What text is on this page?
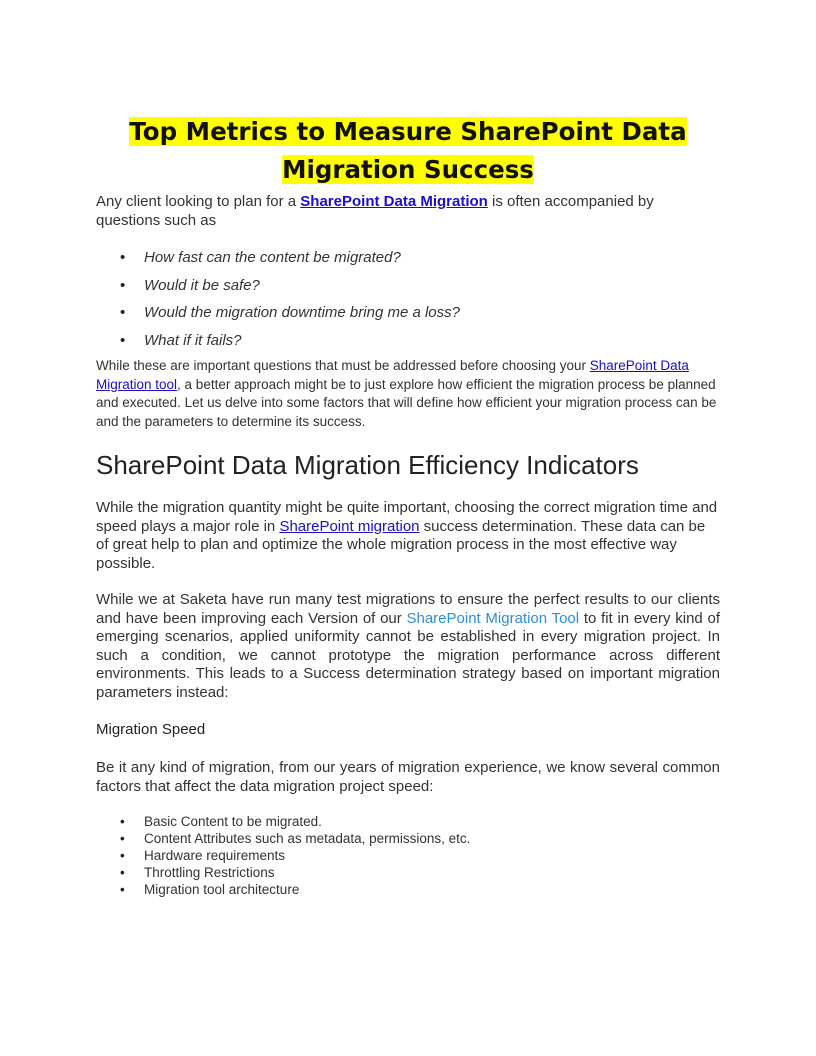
Top Metrics to Measure SharePoint Data Migration Success

Any client looking to plan for a SharePoint Data Migration is often accompanied by questions such as

• How fast can the content be migrated?
• Would it be safe?
• Would the migration downtime bring me a loss?
• What if it fails?

While these are important questions that must be addressed before choosing your SharePoint Data Migration tool, a better approach might be to just explore how efficient the migration process be planned and executed. Let us delve into some factors that will define how efficient your migration process can be and the parameters to determine its success.

SharePoint Data Migration Efficiency Indicators

While the migration quantity might be quite important, choosing the correct migration time and speed plays a major role in SharePoint migration success determination. These data can be of great help to plan and optimize the whole migration process in the most effective way possible.

While we at Saketa have run many test migrations to ensure the perfect results to our clients and have been improving each Version of our SharePoint Migration Tool to fit in every kind of emerging scenarios, applied uniformity cannot be established in every migration project. In such a condition, we cannot prototype the migration performance across different environments. This leads to a Success determination strategy based on important migration parameters instead:

Migration Speed

Be it any kind of migration, from our years of migration experience, we know several common factors that affect the data migration project speed:

• Basic Content to be migrated.
• Content Attributes such as metadata, permissions, etc.
• Hardware requirements
• Throttling Restrictions
• Migration tool architecture
